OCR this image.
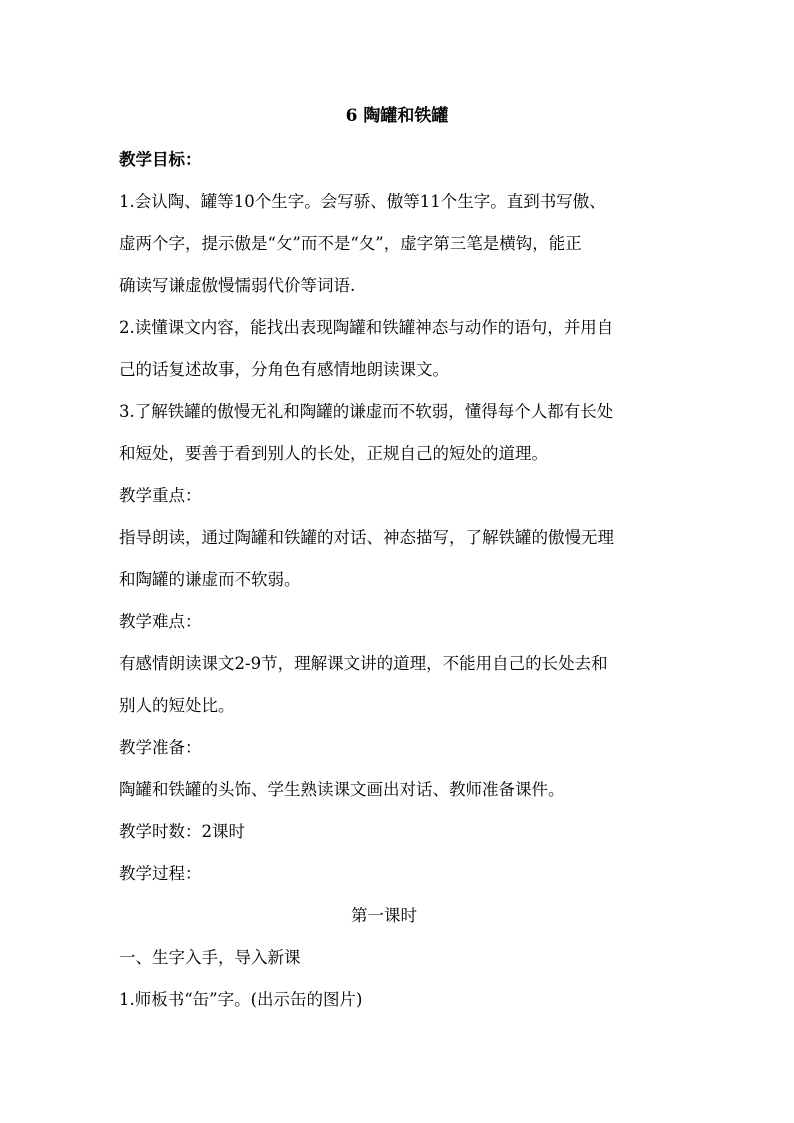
6 陶罐和铁罐
教学目标：
1.会认陶、罐等10个生字。会写骄、傲等11个生字。直到书写傲、
虚两个字，提示傲是“攵”而不是“夂”，虚字第三笔是横钩，能正
确读写谦虚傲慢懦弱代价等词语.
2.读懂课文内容，能找出表现陶罐和铁罐神态与动作的语句，并用自
己的话复述故事，分角色有感情地朗读课文。
3.了解铁罐的傲慢无礼和陶罐的谦虚而不软弱，懂得每个人都有长处
和短处，要善于看到别人的长处，正规自己的短处的道理。
教学重点：
指导朗读，通过陶罐和铁罐的对话、神态描写，了解铁罐的傲慢无理
和陶罐的谦虚而不软弱。
教学难点：
有感情朗读课文2-9节，理解课文讲的道理，不能用自己的长处去和
别人的短处比。
教学准备：
陶罐和铁罐的头饰、学生熟读课文画出对话、教师准备课件。
教学时数：2课时
教学过程：
第一课时
一、生字入手，导入新课
1.师板书“缶”字。(出示缶的图片)
